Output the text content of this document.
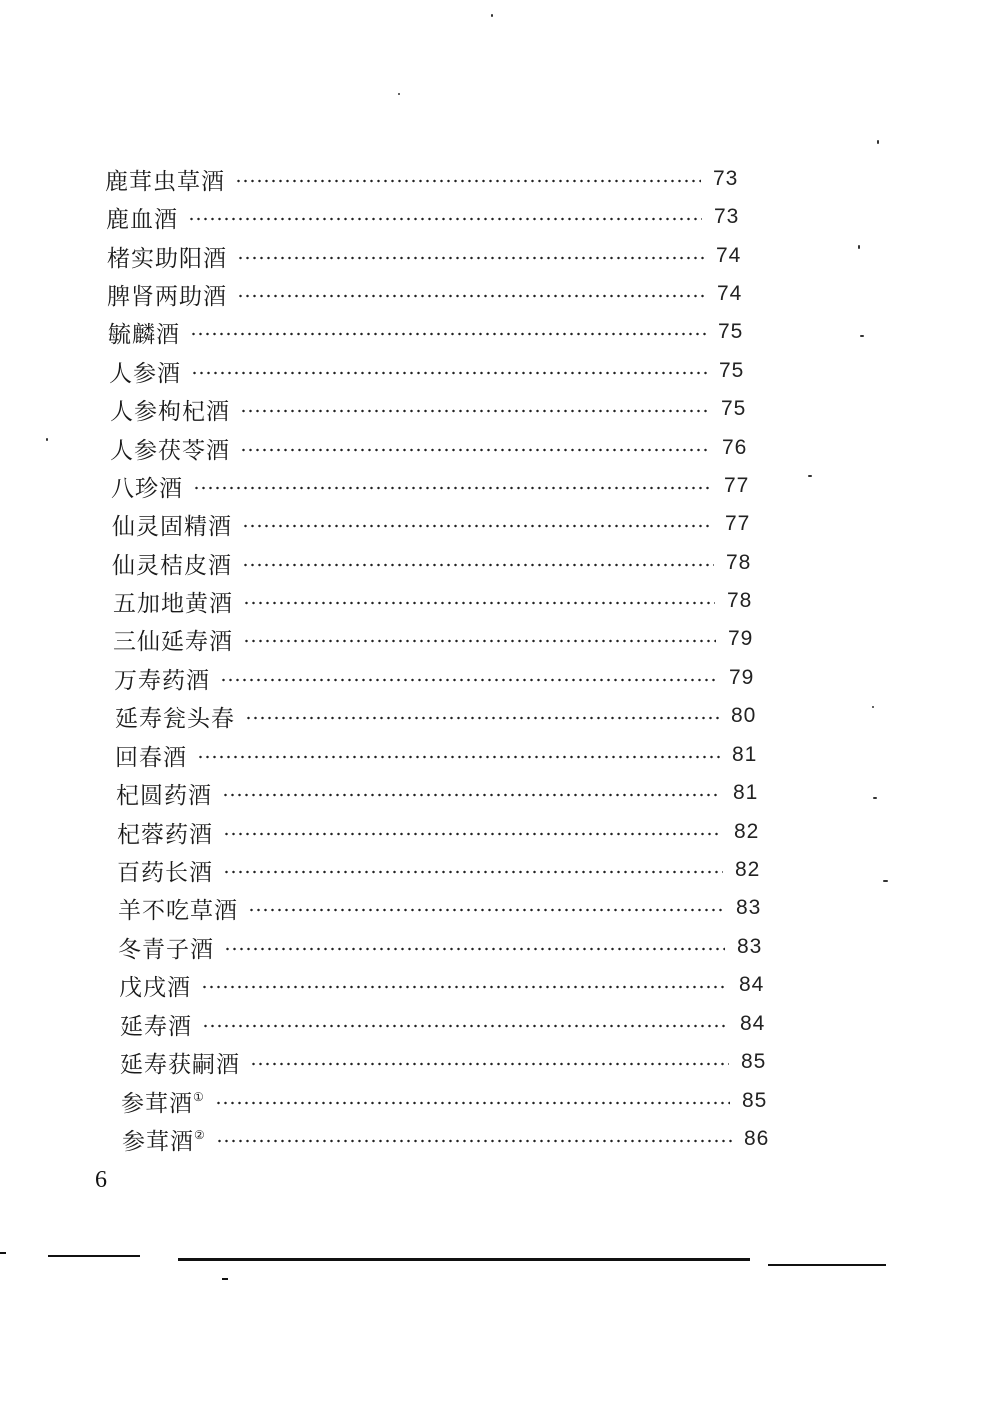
鹿茸虫草酒	73
鹿血酒	73
楮实助阳酒	74
脾肾两助酒	74
毓麟酒	75
人参酒	75
人参枸杞酒	75
人参茯苓酒	76
八珍酒	77
仙灵固精酒	77
仙灵桔皮酒	78
五加地黄酒	78
三仙延寿酒	79
万寿药酒	79
延寿瓮头春	80
回春酒	81
杞圆药酒	81
杞蓉药酒	82
百药长酒	82
羊不吃草酒	83
冬青子酒	83
戊戌酒	84
延寿酒	84
延寿获嗣酒	85
参茸酒①	85
参茸酒②	86
6
